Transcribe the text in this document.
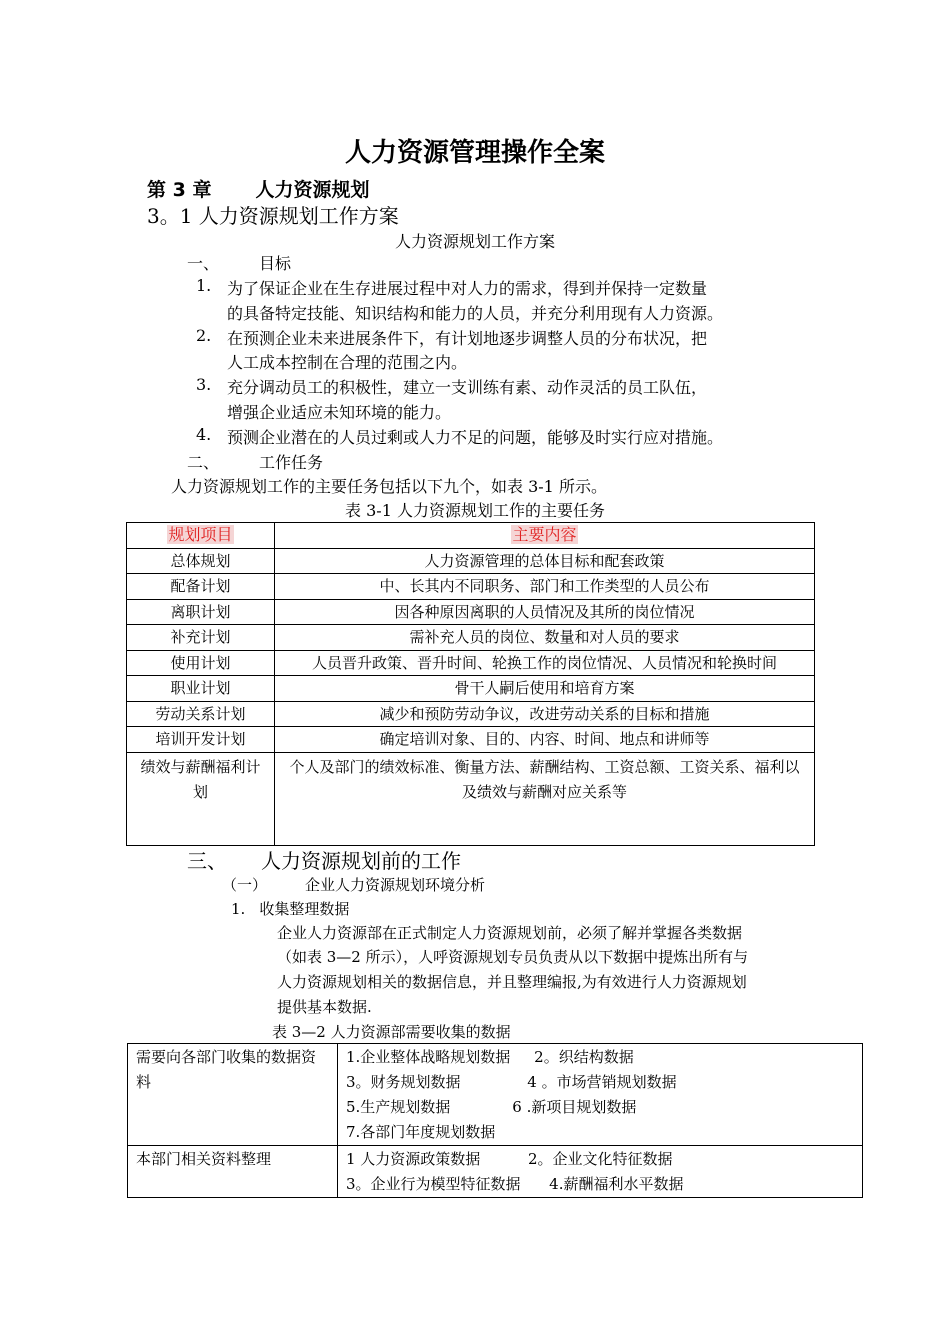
人力资源管理操作全案
第 3 章 人力资源规划
3。1 人力资源规划工作方案
人力资源规划工作方案
一、	目标
1. 为了保证企业在生存进展过程中对人力的需求，得到并保持一定数量
的具备特定技能、知识结构和能力的人员，并充分利用现有人力资源。
2. 在预测企业未来进展条件下，有计划地逐步调整人员的分布状况，把
人工成本控制在合理的范围之内。
3. 充分调动员工的积极性，建立一支训练有素、动作灵活的员工队伍，
增强企业适应未知环境的能力。
4. 预测企业潜在的人员过剩或人力不足的问题，能够及时实行应对措施。
二、	工作任务
人力资源规划工作的主要任务包括以下九个，如表 3-1 所示。
表 3-1 人力资源规划工作的主要任务
规划项目	主要内容
总体规划	人力资源管理的总体目标和配套政策
配备计划	中、长其内不同职务、部门和工作类型的人员公布
离职计划	因各种原因离职的人员情况及其所的岗位情况
补充计划	需补充人员的岗位、数量和对人员的要求
使用计划	人员晋升政策、晋升时间、轮换工作的岗位情况、人员情况和轮换时间
职业计划	骨干人嗣后使用和培育方案
劳动关系计划	减少和预防劳动争议，改进劳动关系的目标和措施
培训开发计划	确定培训对象、目的、内容、时间、地点和讲师等
绩效与薪酬福利计划	个人及部门的绩效标准、衡量方法、薪酬结构、工资总额、工资关系、福利以及绩效与薪酬对应关系等
三、 人力资源规划前的工作
（一）	企业人力资源规划环境分析
1. 收集整理数据
企业人力资源部在正式制定人力资源规划前，必须了解并掌握各类数据
（如表 3—2 所示），人呼资源规划专员负责从以下数据中提炼出所有与
人力资源规划相关的数据信息，并且整理编报,为有效进行人力资源规划
提供基本数据.
表 3—2 人力资源部需要收集的数据
需要向各部门收集的数据资料	1.企业整体战略规划数据     2。织结构数据
3。财务规划数据              4 。市场营销规划数据
5.生产规划数据             6 .新项目规划数据
7.各部门年度规划数据

本部门相关资料整理	1 人力资源政策数据          2。企业文化特征数据
3。企业行为模型特征数据      4.薪酬福利水平数据
